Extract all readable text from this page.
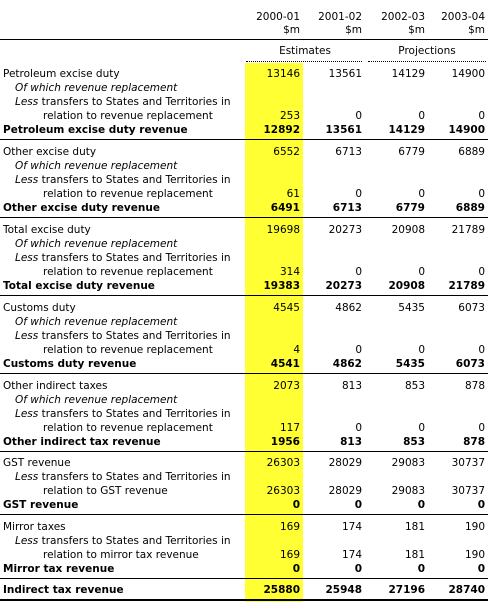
2000-01	2001-02	2002-03	2003-04
$m	$m	$m	$m
Estimates	Projections
Petroleum excise duty	13146	13561	14129	14900
Of which revenue replacement
Less transfers to States and Territories in
relation to revenue replacement	253	0	0	0
Petroleum excise duty revenue	12892	13561	14129	14900
Other excise duty	6552	6713	6779	6889
Of which revenue replacement
Less transfers to States and Territories in
relation to revenue replacement	61	0	0	0
Other excise duty revenue	6491	6713	6779	6889
Total excise duty	19698	20273	20908	21789
Of which revenue replacement
Less transfers to States and Territories in
relation to revenue replacement	314	0	0	0
Total excise duty revenue	19383	20273	20908	21789
Customs duty	4545	4862	5435	6073
Of which revenue replacement
Less transfers to States and Territories in
relation to revenue replacement	4	0	0	0
Customs duty revenue	4541	4862	5435	6073
Other indirect taxes	2073	813	853	878
Of which revenue replacement
Less transfers to States and Territories in
relation to revenue replacement	117	0	0	0
Other indirect tax revenue	1956	813	853	878
GST revenue	26303	28029	29083	30737
Less transfers to States and Territories in
relation to GST revenue	26303	28029	29083	30737
GST revenue	0	0	0	0
Mirror taxes	169	174	181	190
Less transfers to States and Territories in
relation to mirror tax revenue	169	174	181	190
Mirror tax revenue	0	0	0	0
Indirect tax revenue	25880	25948	27196	28740
